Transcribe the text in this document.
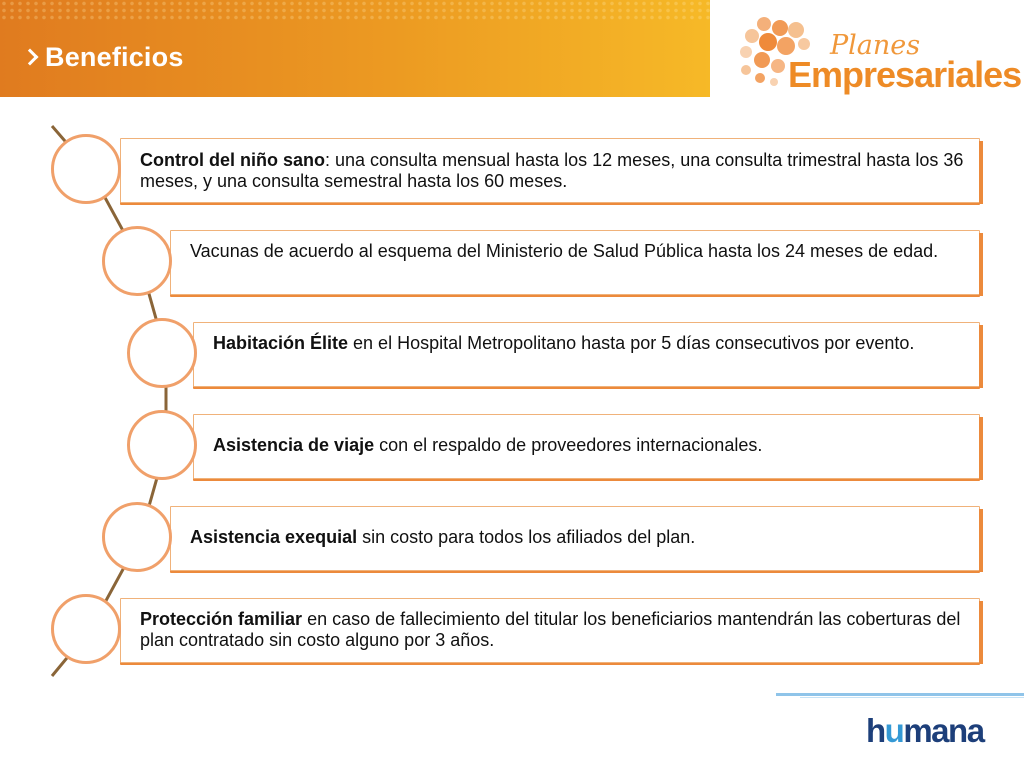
Beneficios	Planes
Empresariales
Control del niño sano: una consulta mensual hasta los 12 meses, una consulta trimestral hasta los 36 meses, y una consulta semestral hasta los 60 meses.
Vacunas de acuerdo al esquema del Ministerio de Salud Pública hasta los 24 meses de edad.
Habitación Élite en el Hospital Metropolitano hasta por 5 días consecutivos por evento.
Asistencia de viaje con el respaldo de proveedores internacionales.
Asistencia exequial sin costo para todos los afiliados del plan.
Protección familiar en caso de fallecimiento del titular los beneficiarios mantendrán las coberturas del plan contratado sin costo alguno por 3 años.
humana
